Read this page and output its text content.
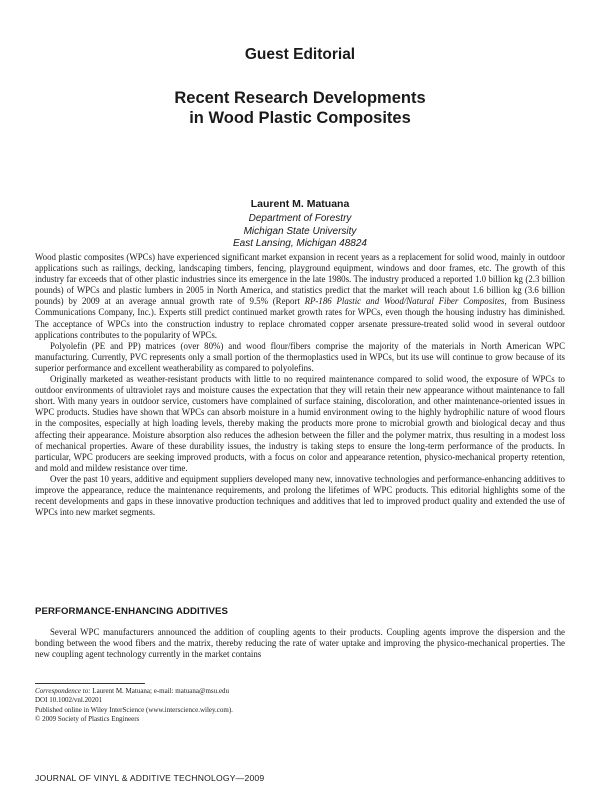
Guest Editorial
Recent Research Developments
in Wood Plastic Composites
Laurent M. Matuana
Department of Forestry
Michigan State University
East Lansing, Michigan 48824

Wood plastic composites (WPCs) have experienced significant market expansion in recent years as a replacement for solid wood, mainly in outdoor applications such as railings, decking, landscaping timbers, fencing, playground equipment, windows and door frames, etc. The growth of this industry far exceeds that of other plastic industries since its emergence in the late 1980s. The industry produced a reported 1.0 billion kg (2.3 billion pounds) of WPCs and plastic lumbers in 2005 in North America, and statistics predict that the market will reach about 1.6 billion kg (3.6 billion pounds) by 2009 at an average annual growth rate of 9.5% (Report RP-186 Plastic and Wood/Natural Fiber Composites, from Business Communications Company, Inc.). Experts still predict continued market growth rates for WPCs, even though the housing industry has diminished. The acceptance of WPCs into the construction industry to replace chromated copper arsenate pressure-treated solid wood in several outdoor applications contributes to the popularity of WPCs.

Polyolefin (PE and PP) matrices (over 80%) and wood flour/fibers comprise the majority of the materials in North American WPC manufacturing. Currently, PVC represents only a small portion of the thermoplastics used in WPCs, but its use will continue to grow because of its superior performance and excellent weatherability as compared to polyolefins.

Originally marketed as weather-resistant products with little to no required maintenance compared to solid wood, the exposure of WPCs to outdoor environments of ultraviolet rays and moisture causes the expectation that they will retain their new appearance without maintenance to fall short. With many years in outdoor service, customers have complained of surface staining, discoloration, and other maintenance-oriented issues in WPC products. Studies have shown that WPCs can absorb moisture in a humid environment owing to the highly hydrophilic nature of wood flours in the composites, especially at high loading levels, thereby making the products more prone to microbial growth and biological decay and thus affecting their appearance. Moisture absorption also reduces the adhesion between the filler and the polymer matrix, thus resulting in a modest loss of mechanical properties. Aware of these durability issues, the industry is taking steps to ensure the long-term performance of the products. In particular, WPC producers are seeking improved products, with a focus on color and appearance retention, physico-mechanical property retention, and mold and mildew resistance over time.

Over the past 10 years, additive and equipment suppliers developed many new, innovative technologies and performance-enhancing additives to improve the appearance, reduce the maintenance requirements, and prolong the lifetimes of WPC products. This editorial highlights some of the recent developments and gaps in these innovative production techniques and additives that led to improved product quality and extended the use of WPCs into new market segments.

PERFORMANCE-ENHANCING ADDITIVES
Several WPC manufacturers announced the addition of coupling agents to their products. Coupling agents improve the dispersion and the bonding between the wood fibers and the matrix, thereby reducing the rate of water uptake and improving the physico-mechanical properties. The new coupling agent technology currently in the market contains
Correspondence to: Laurent M. Matuana; e-mail: matuana@msu.edu
DOI 10.1002/vnl.20201
Published online in Wiley InterScience (www.interscience.wiley.com).
© 2009 Society of Plastics Engineers
JOURNAL OF VINYL & ADDITIVE TECHNOLOGY—2009
